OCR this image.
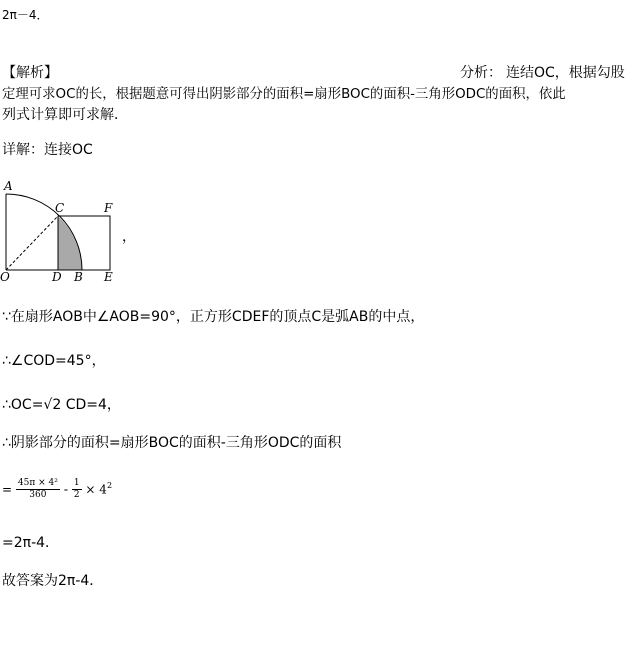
2π－4．
【解析】	分析： 连结OC，根据勾股
定理可求OC的长，根据题意可得出阴影部分的面积=扇形BOC的面积-三角形ODC的面积，依此
列式计算即可求解．
详解：连接OC
A
C	F
O	D B E
，
∵在扇形AOB中∠AOB=90°，正方形CDEF的顶点C是弧AB的中点，
∴∠COD=45°，
∴OC=√2 CD=4，
∴阴影部分的面积=扇形BOC的面积-三角形ODC的面积
= $\frac{\text{45π × 4²}}{360} - \frac{1}{2} \times 4^2$
=2π-4．
故答案为2π-4．
